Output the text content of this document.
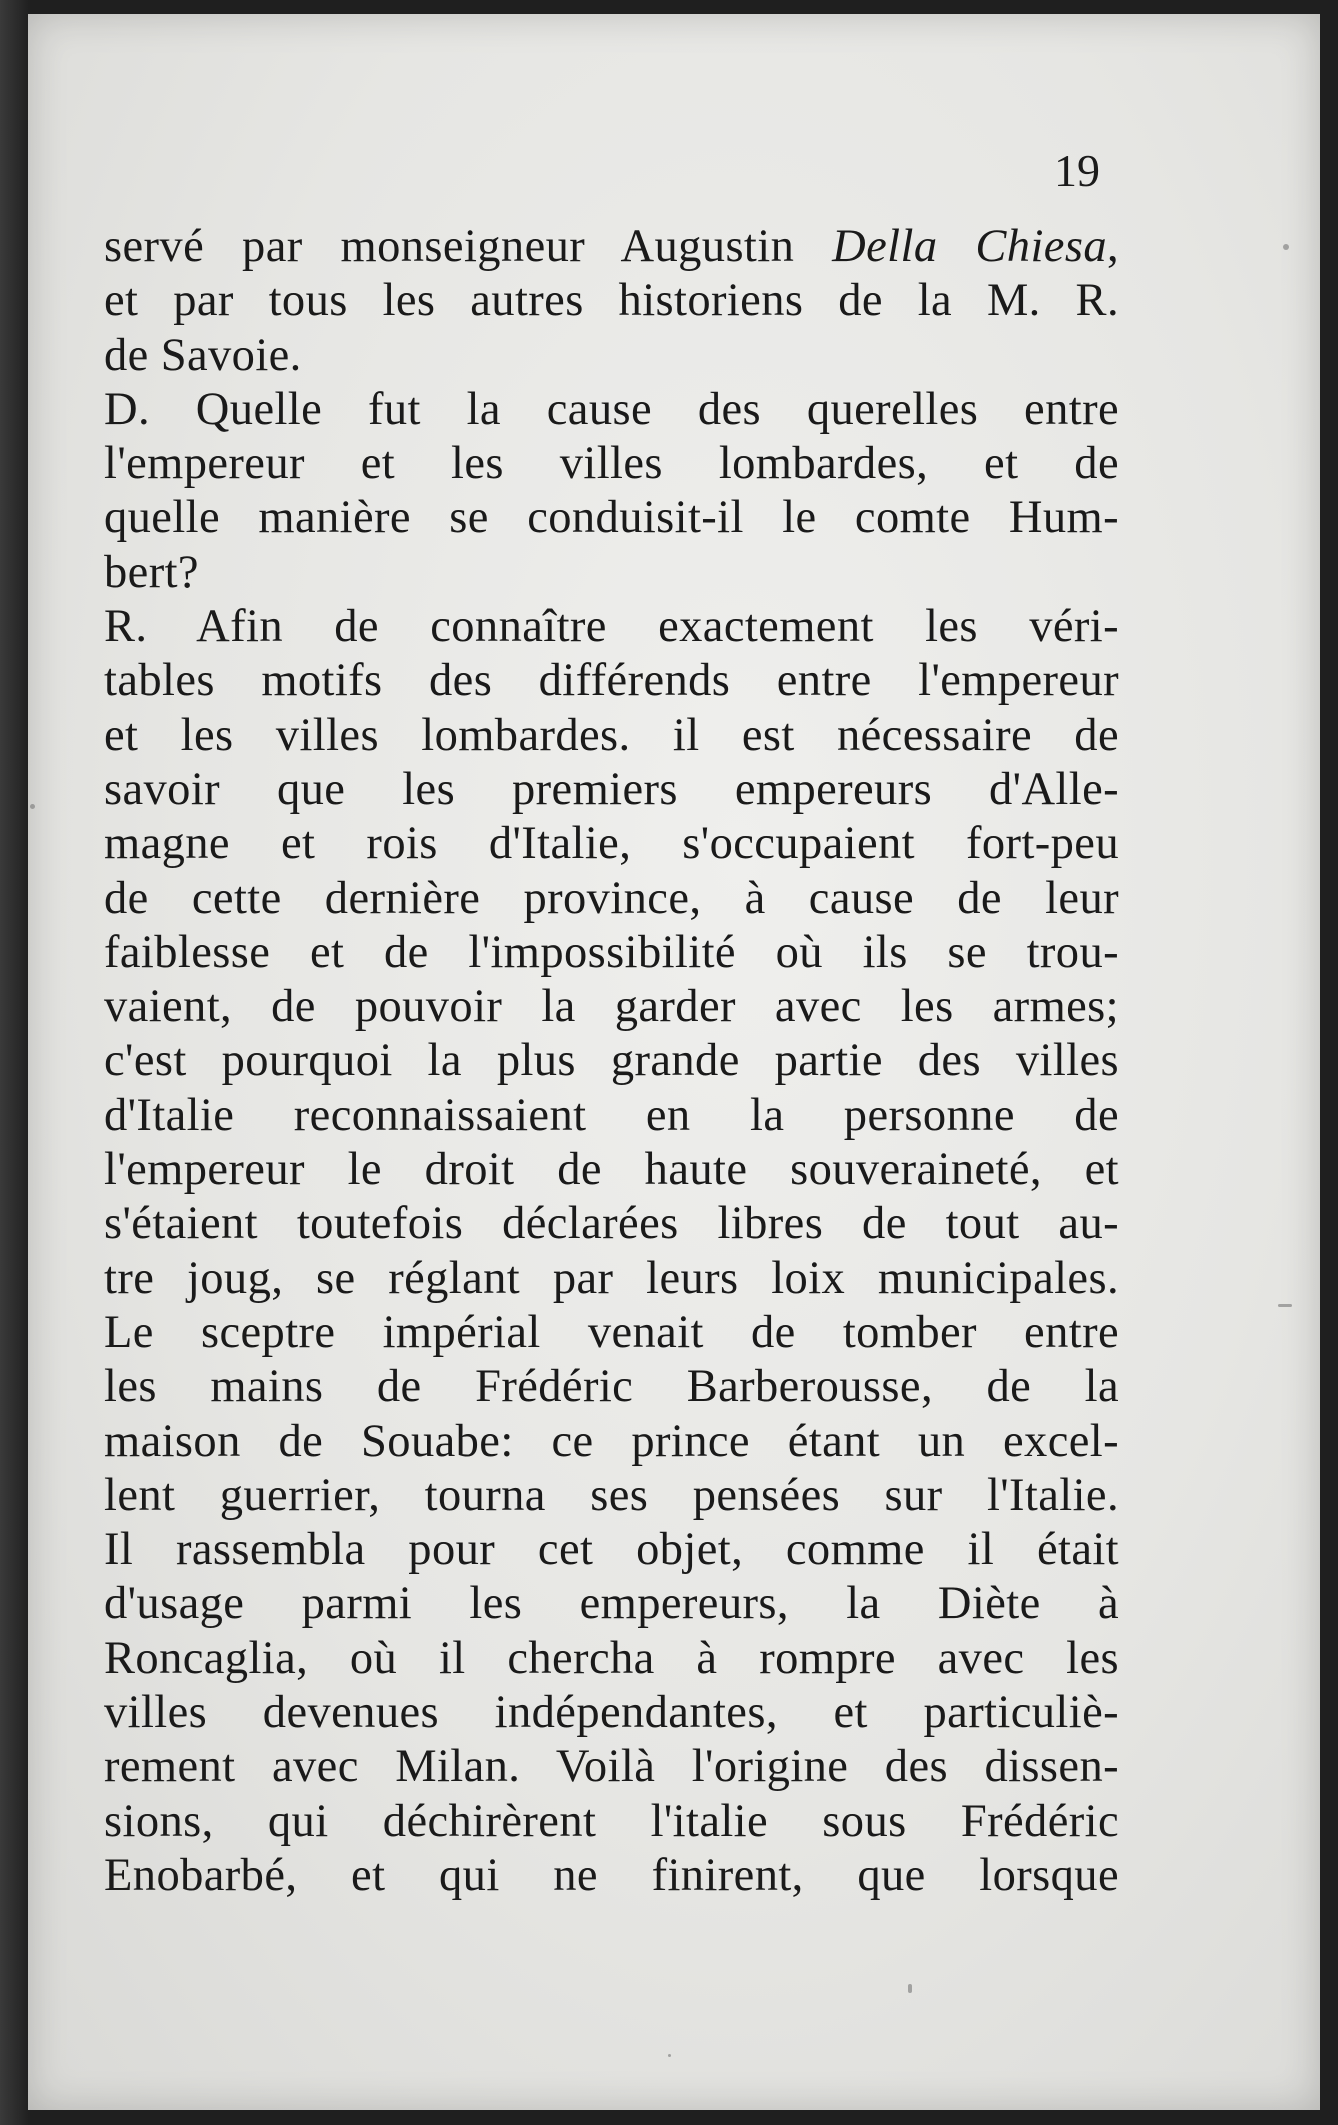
19
servé par monseigneur Augustin Della Chiesa,
et par tous les autres historiens de la M. R.
de Savoie.
D. Quelle fut la cause des querelles entre
l'empereur et les villes lombardes, et de
quelle manière se conduisit-il le comte Hum-
bert?
R. Afin de connaître exactement les véri-
tables motifs des différends entre l'empereur
et les villes lombardes. il est nécessaire de
savoir que les premiers empereurs d'Alle-
magne et rois d'Italie, s'occupaient fort-peu
de cette dernière province, à cause de leur
faiblesse et de l'impossibilité où ils se trou-
vaient, de pouvoir la garder avec les armes;
c'est pourquoi la plus grande partie des villes
d'Italie reconnaissaient en la personne de
l'empereur le droit de haute souveraineté, et
s'étaient toutefois déclarées libres de tout au-
tre joug, se réglant par leurs loix municipales.
Le sceptre impérial venait de tomber entre
les mains de Frédéric Barberousse, de la
maison de Souabe: ce prince étant un excel-
lent guerrier, tourna ses pensées sur l'Italie.
Il rassembla pour cet objet, comme il était
d'usage parmi les empereurs, la Diète à
Roncaglia, où il chercha à rompre avec les
villes devenues indépendantes, et particuliè-
rement avec Milan. Voilà l'origine des dissen-
sions, qui déchirèrent l'italie sous Frédéric
Enobarbé, et qui ne finirent, que lorsque
